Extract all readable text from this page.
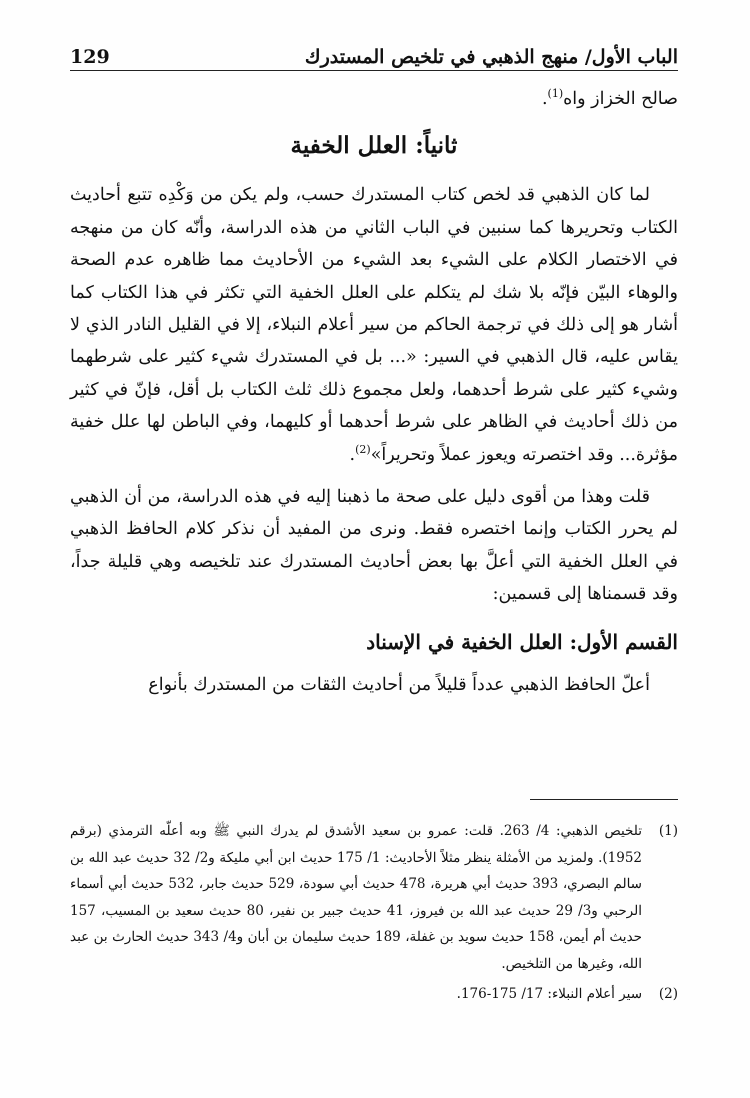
129	الباب الأول/ منهج الذهبي في تلخيص المستدرك

صالح الخزاز واه$^{(1)}$.

ثانياً: العلل الخفية

لما كان الذهبي قد لخص كتاب المستدرك حسب، ولم يكن من وَكْدِه تتبع أحاديث الكتاب وتحريرها كما سنبين في الباب الثاني من هذه الدراسة، وأنّه كان من منهجه في الاختصار الكلام على الشيء بعد الشيء من الأحاديث مما ظاهره عدم الصحة والوهاء البيّن فإنّه بلا شك لم يتكلم على العلل الخفية التي تكثر في هذا الكتاب كما أشار هو إلى ذلك في ترجمة الحاكم من سير أعلام النبلاء، إلا في القليل النادر الذي لا يقاس عليه، قال الذهبي في السير: «... بل في المستدرك شيء كثير على شرطهما وشيء كثير على شرط أحدهما، ولعل مجموع ذلك ثلث الكتاب بل أقل، فإنّ في كثير من ذلك أحاديث في الظاهر على شرط أحدهما أو كليهما، وفي الباطن لها علل خفية مؤثرة... وقد اختصرته ويعوز عملاً وتحريراً»$^{(2)}$.

قلت وهذا من أقوى دليل على صحة ما ذهبنا إليه في هذه الدراسة، من أن الذهبي لم يحرر الكتاب وإنما اختصره فقط. ونرى من المفيد أن نذكر كلام الحافظ الذهبي في العلل الخفية التي أعلَّ بها بعض أحاديث المستدرك عند تلخيصه وهي قليلة جداً، وقد قسمناها إلى قسمين:

القسم الأول: العلل الخفية في الإسناد

أعلّ الحافظ الذهبي عدداً قليلاً من أحاديث الثقات من المستدرك بأنواع

(1)
تلخيص الذهبي: 4/ 263. قلت: عمرو بن سعيد الأشدق لم يدرك النبي ﷺ وبه أعلّه الترمذي (برقم 1952). ولمزيد من الأمثلة ينظر مثلاً الأحاديث: 1/ 175 حديث ابن أبي مليكة و2/ 32 حديث عبد الله بن سالم البصري، 393 حديث أبي هريرة، 478 حديث أبي سودة، 529 حديث جابر، 532 حديث أبي أسماء الرحبي و3/ 29 حديث عبد الله بن فيروز، 41 حديث جبير بن نفير، 80 حديث سعيد بن المسيب، 157 حديث أم أيمن، 158 حديث سويد بن غفلة، 189 حديث سليمان بن أبان و4/ 343 حديث الحارث بن عبد الله، وغيرها من التلخيص.
(2)
سير أعلام النبلاء: 17/ 175-176.
